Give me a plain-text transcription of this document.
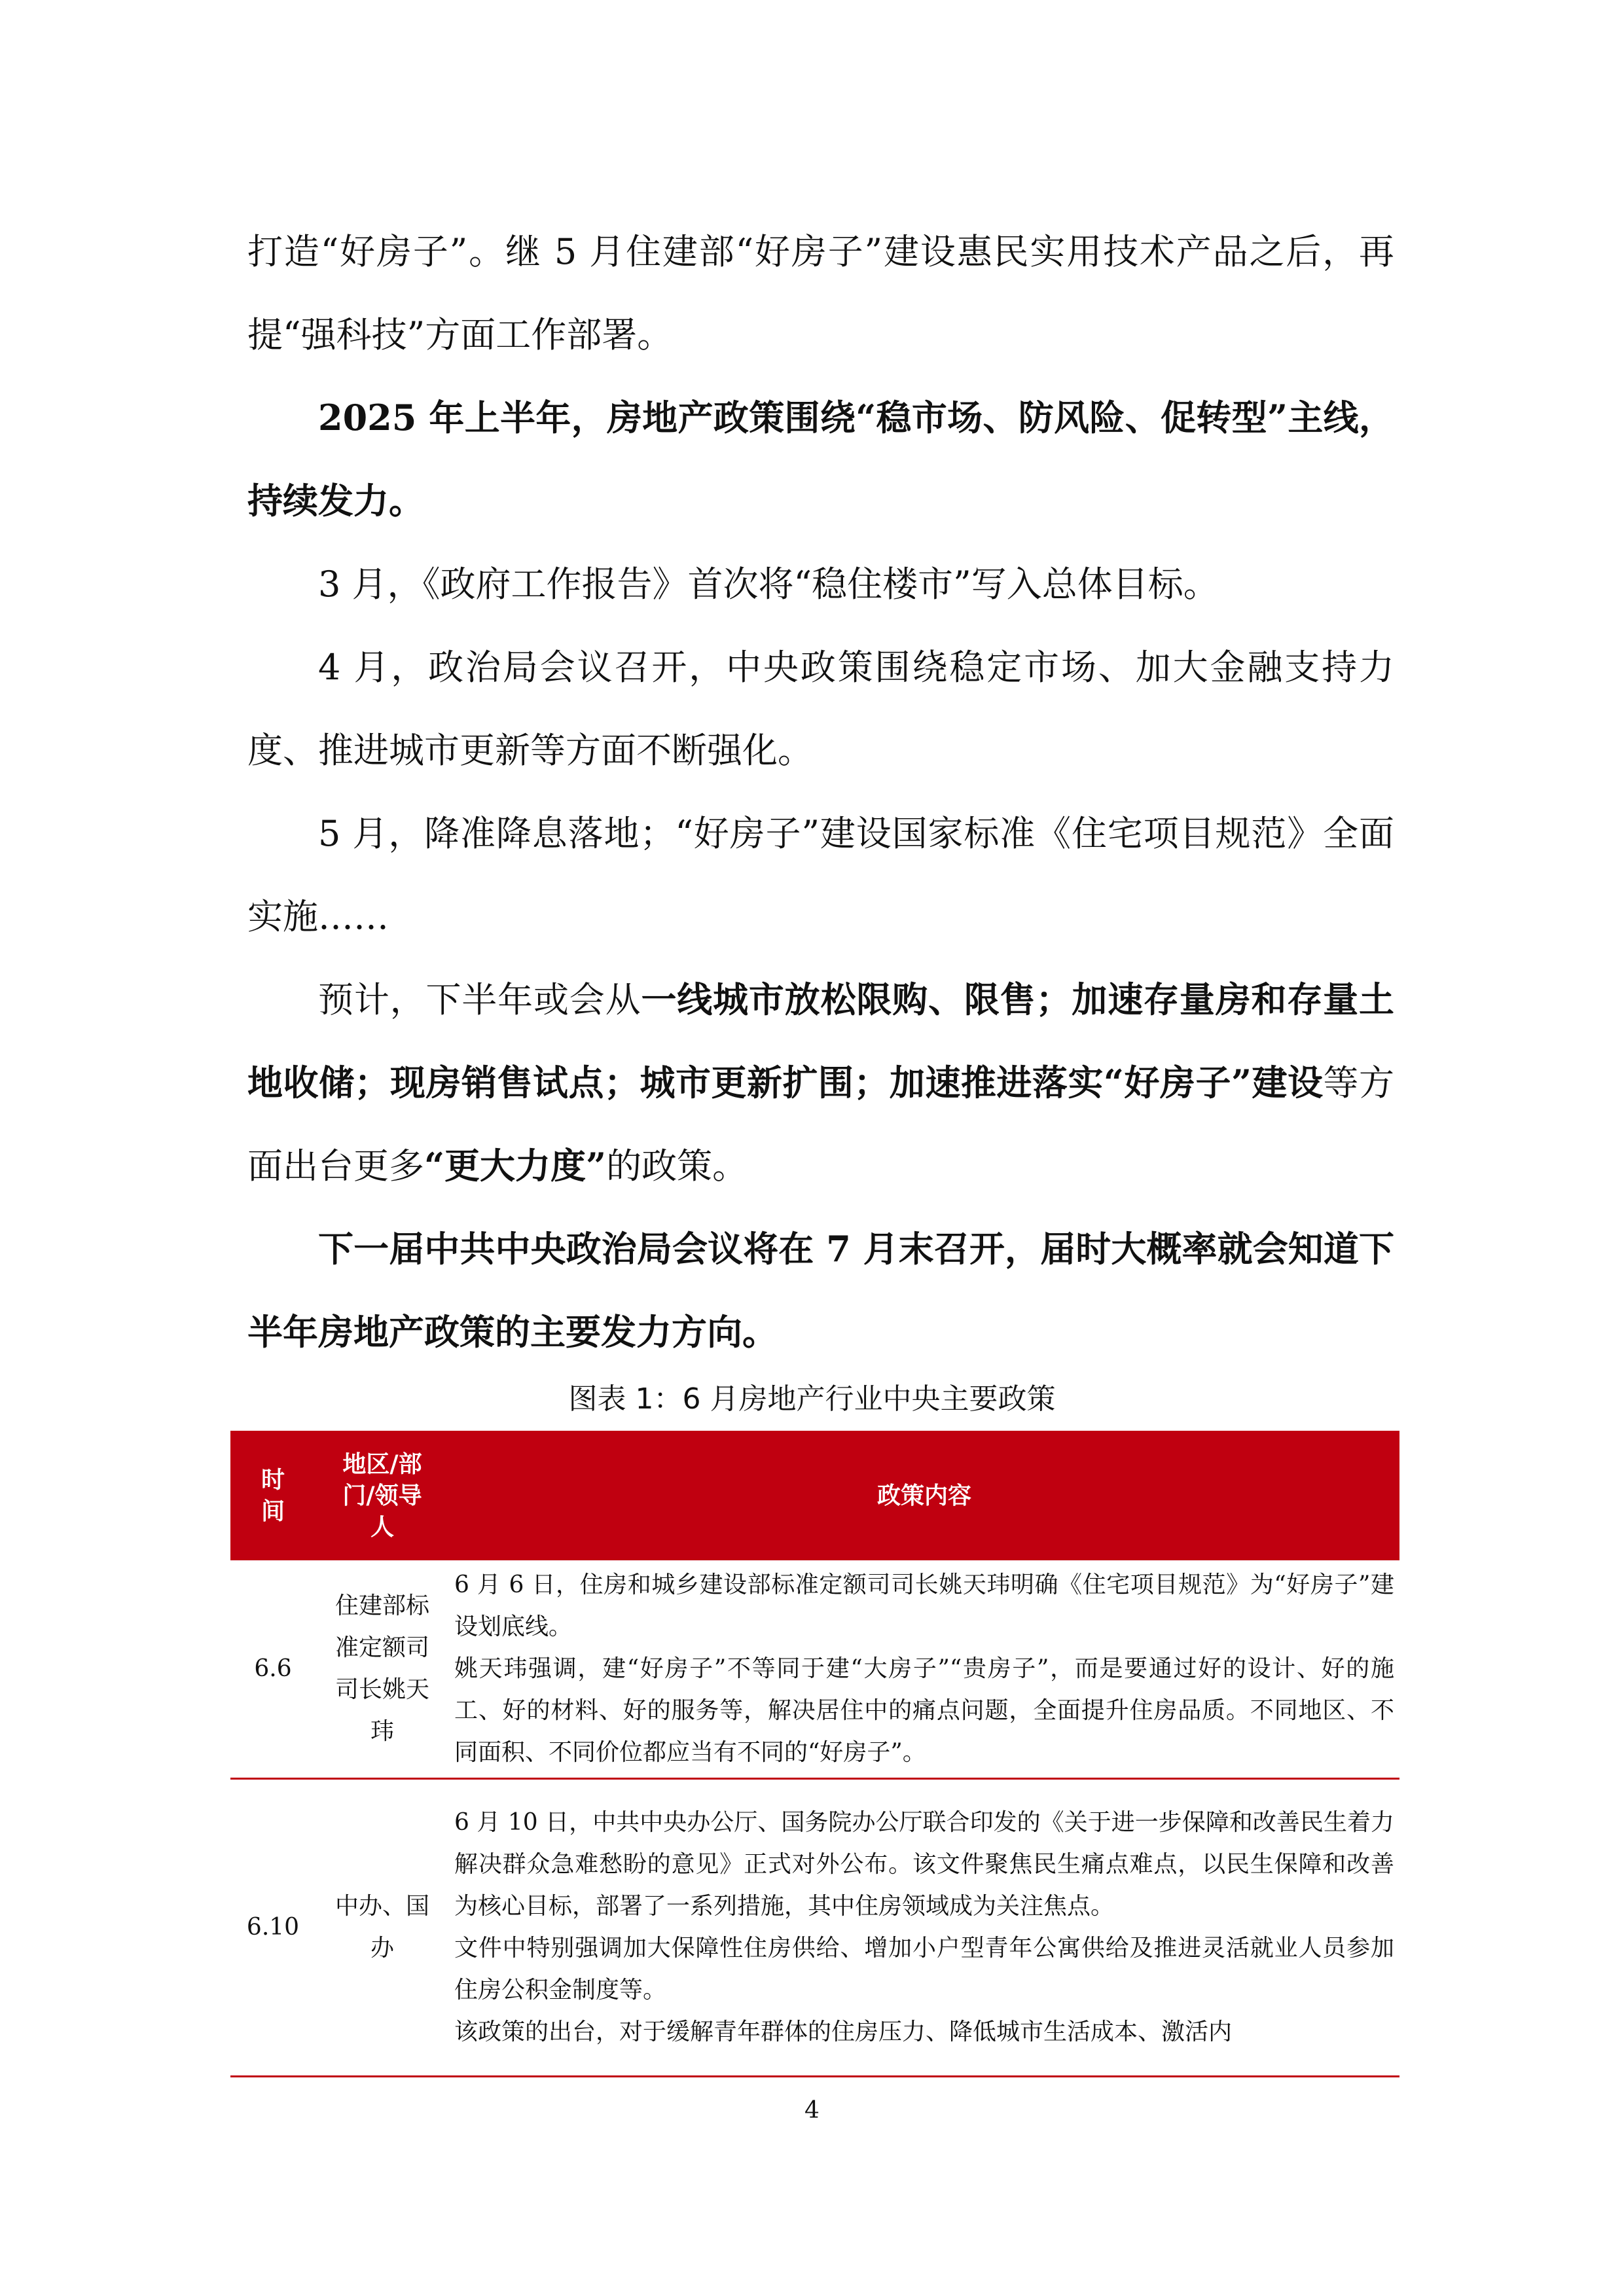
打造“好房子”。继 5 月住建部“好房子”建设惠民实用技术产品之后，再提“强科技”方面工作部署。

2025 年上半年，房地产政策围绕“稳市场、防风险、促转型”主线，持续发力。

3 月，《政府工作报告》首次将“稳住楼市”写入总体目标。

4 月，政治局会议召开，中央政策围绕稳定市场、加大金融支持力度、推进城市更新等方面不断强化。

5 月，降准降息落地；“好房子”建设国家标准《住宅项目规范》全面实施……

预计，下半年或会从一线城市放松限购、限售；加速存量房和存量土地收储；现房销售试点；城市更新扩围；加速推进落实“好房子”建设等方面出台更多“更大力度”的政策。

下一届中共中央政治局会议将在 7 月末召开，届时大概率就会知道下半年房地产政策的主要发力方向。

图表 1：6 月房地产行业中央主要政策
时间	地区/部门/领导人	政策内容
6.6	住建部标准定额司司长姚天玮	6 月 6 日，住房和城乡建设部标准定额司司长姚天玮明确《住宅项目规范》为“好房子”建设划底线。

姚天玮强调，建“好房子”不等同于建“大房子”“贵房子”，而是要通过好的设计、好的施工、好的材料、好的服务等，解决居住中的痛点问题，全面提升住房品质。不同地区、不同面积、不同价位都应当有不同的“好房子”。

6.10	中办、国办	6 月 10 日，中共中央办公厅、国务院办公厅联合印发的《关于进一步保障和改善民生着力解决群众急难愁盼的意见》正式对外公布。该文件聚焦民生痛点难点，以民生保障和改善为核心目标，部署了一系列措施，其中住房领域成为关注焦点。

文件中特别强调加大保障性住房供给、增加小户型青年公寓供给及推进灵活就业人员参加住房公积金制度等。

该政策的出台，对于缓解青年群体的住房压力、降低城市生活成本、激活内

4
